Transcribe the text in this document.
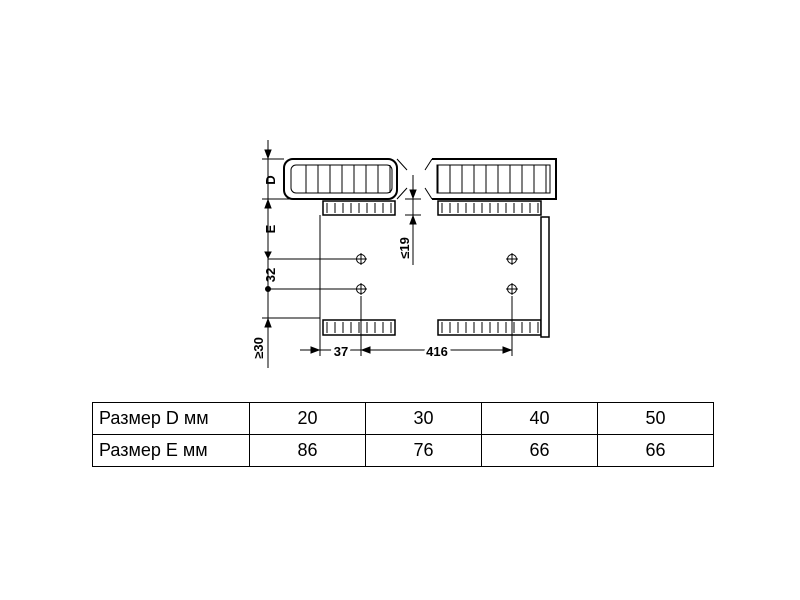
D
E
32
≤19
≥30	37	416
Размер D мм	20	30	40	50
Размер E мм	86	76	66	66
